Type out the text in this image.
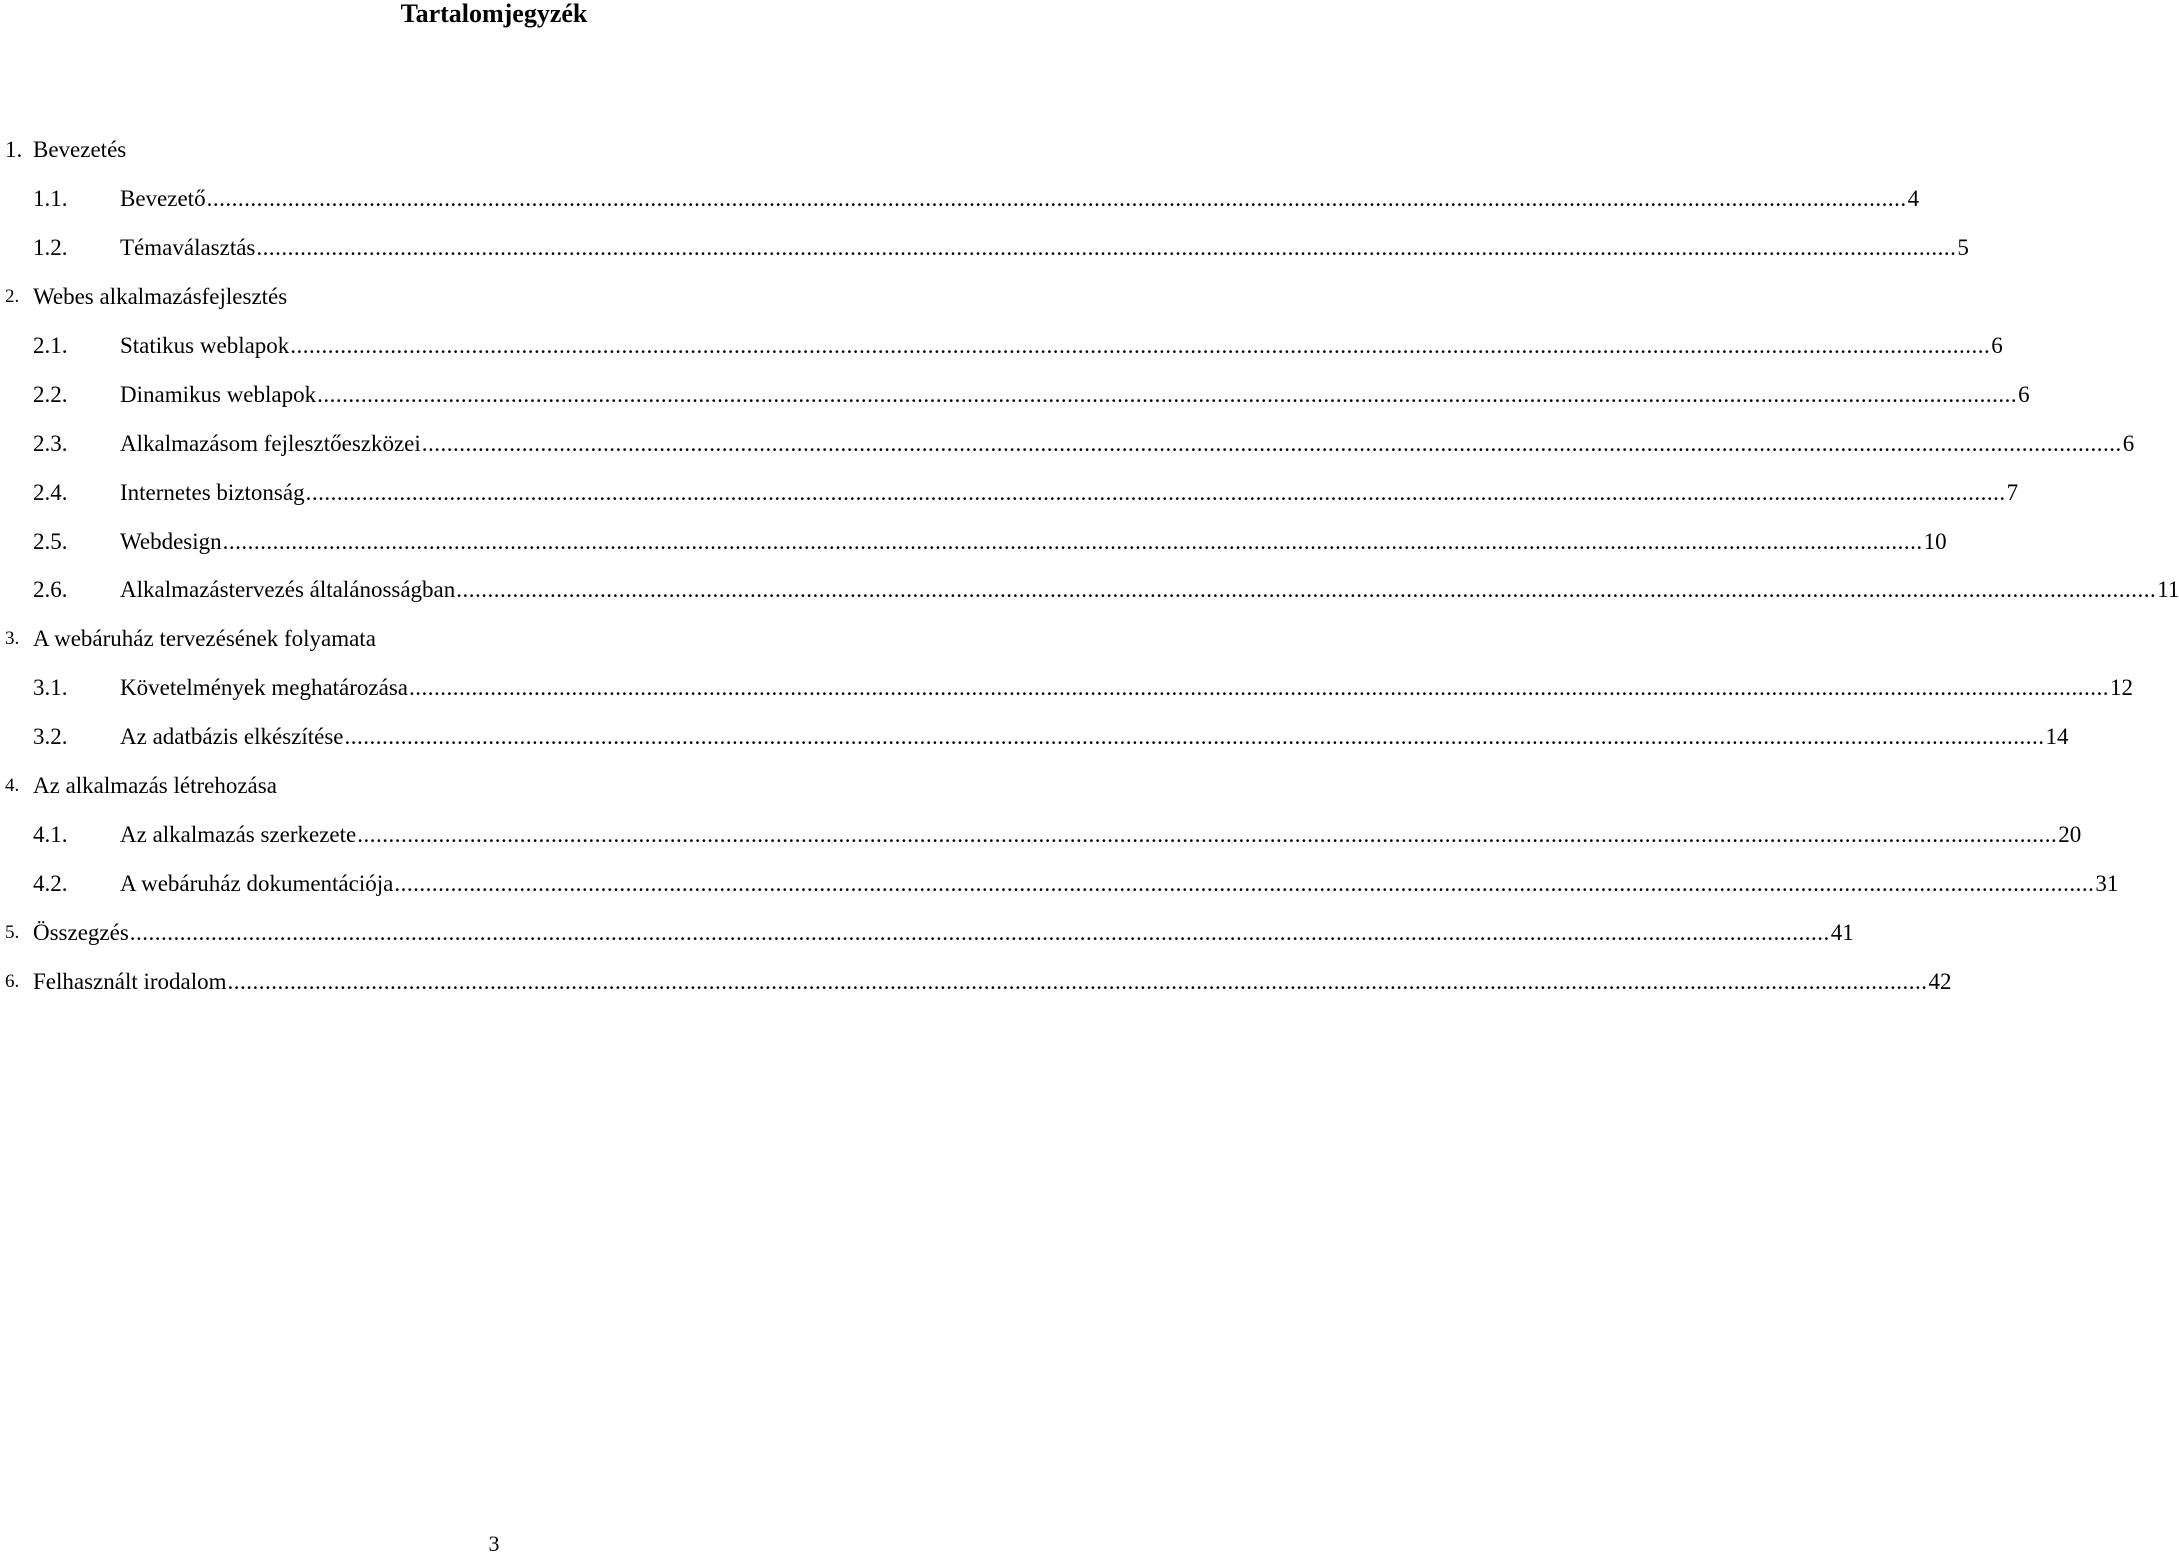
Tartalomjegyzék
1. Bevezetés
1.1.	Bevezető .....	4
1.2.	Témaválasztás .....	5
2. Webes alkalmazásfejlesztés
2.1.	Statikus weblapok .....	6
2.2.	Dinamikus weblapok .....	6
2.3.	Alkalmazásom fejlesztőeszközei .....	6
2.4.	Internetes biztonság .....	7
2.5.	Webdesign .....	10
2.6.	Alkalmazástervezés általánosságban .....	11
3. A webáruház tervezésének folyamata
3.1.	Követelmények meghatározása .....	12
3.2.	Az adatbázis elkészítése .....	14
4. Az alkalmazás létrehozása
4.1.	Az alkalmazás szerkezete .....	20
4.2.	A webáruház dokumentációja .....	31
5. Összegzés .....	41
6. Felhasznált irodalom .....	42
3
